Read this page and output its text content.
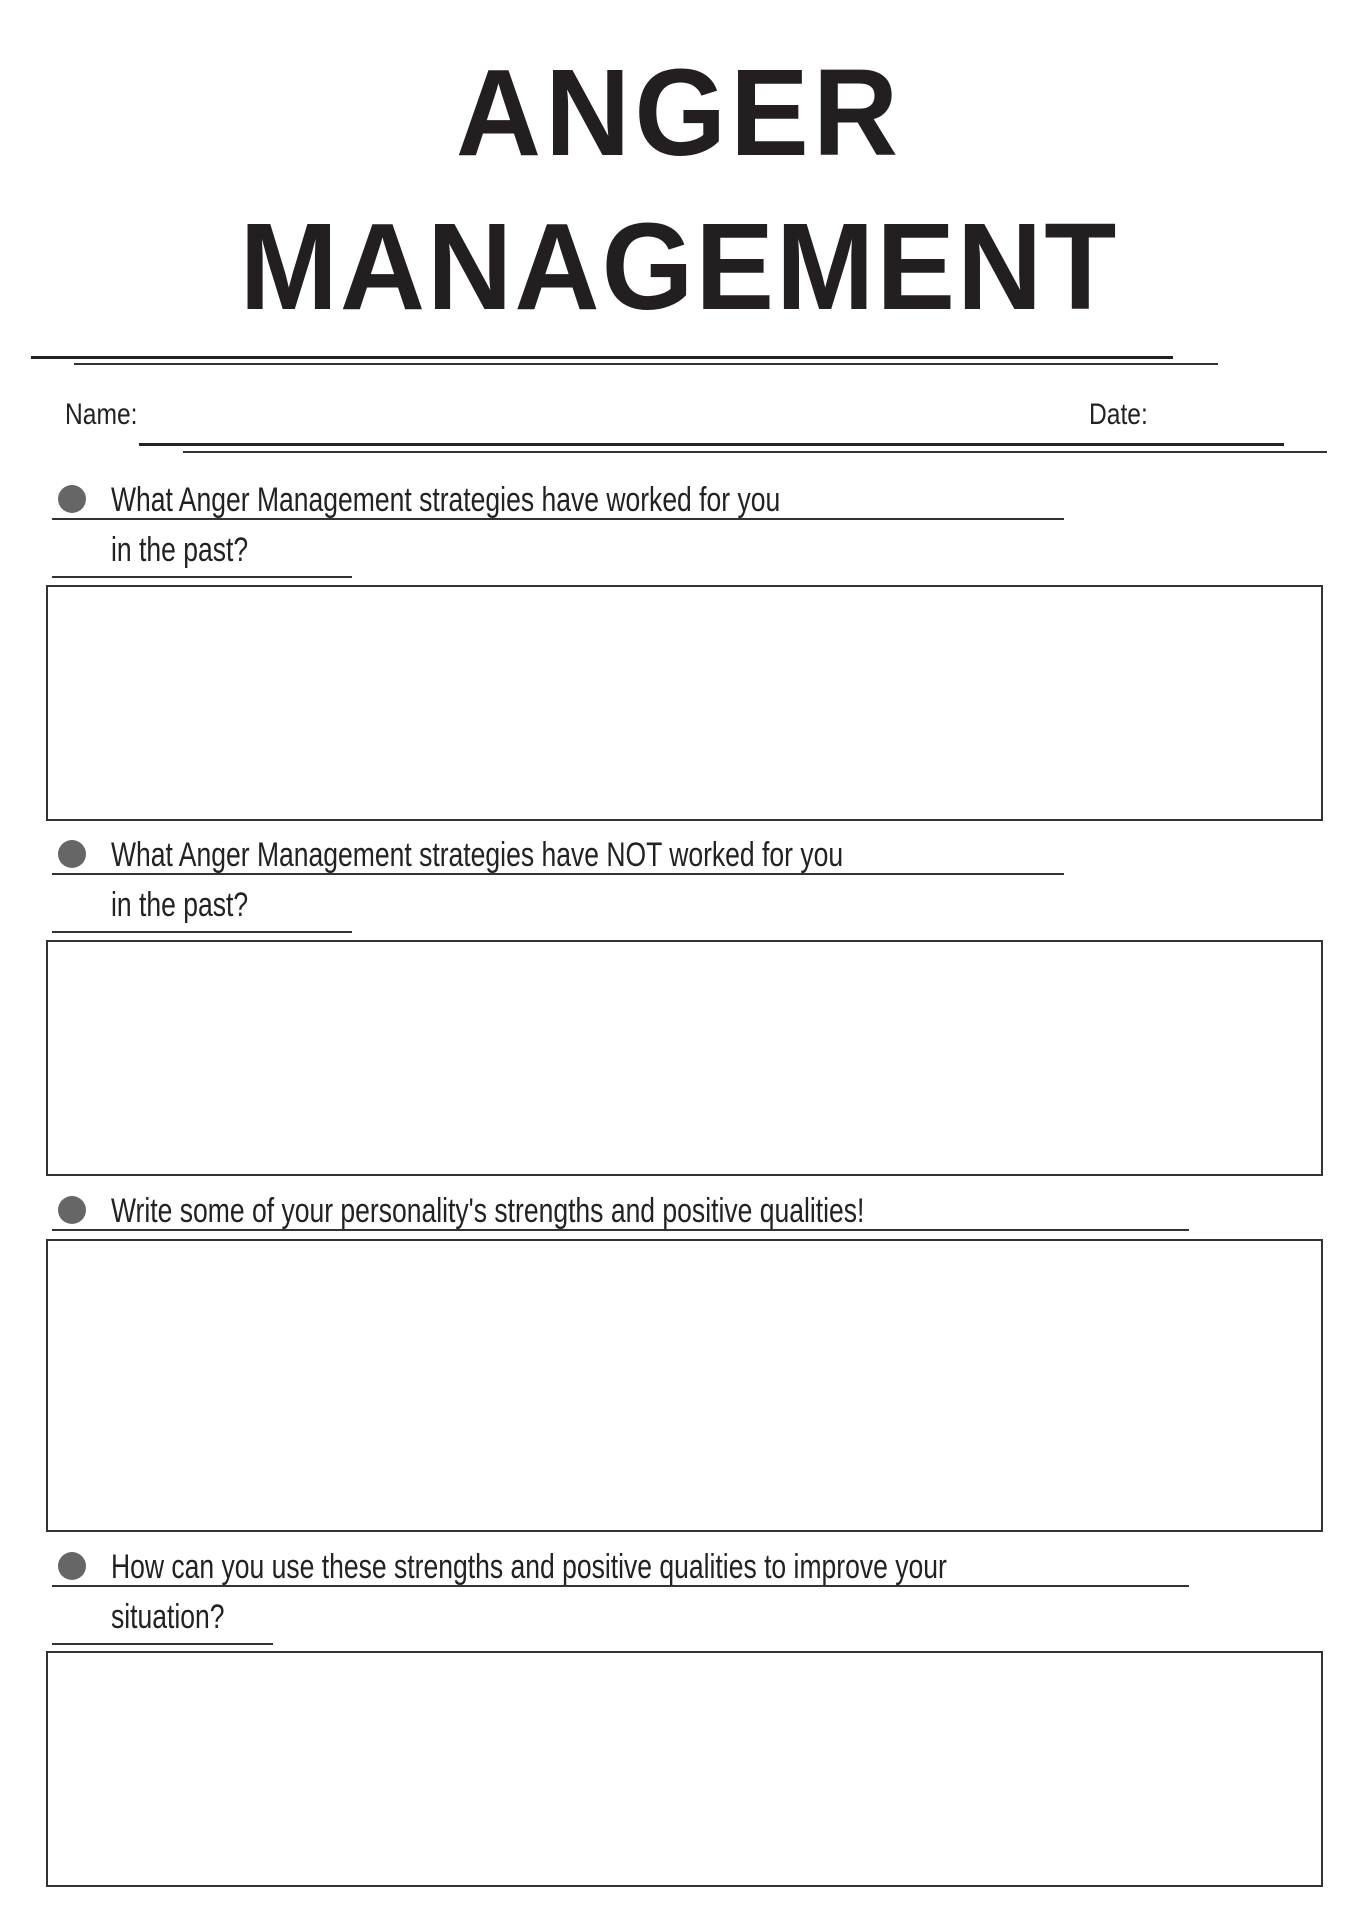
ANGER
MANAGEMENT
Name:	Date:
What Anger Management strategies have worked for you
in the past?
What Anger Management strategies have NOT worked for you
in the past?
Write some of your personality's strengths and positive qualities!
How can you use these strengths and positive qualities to improve your
situation?
